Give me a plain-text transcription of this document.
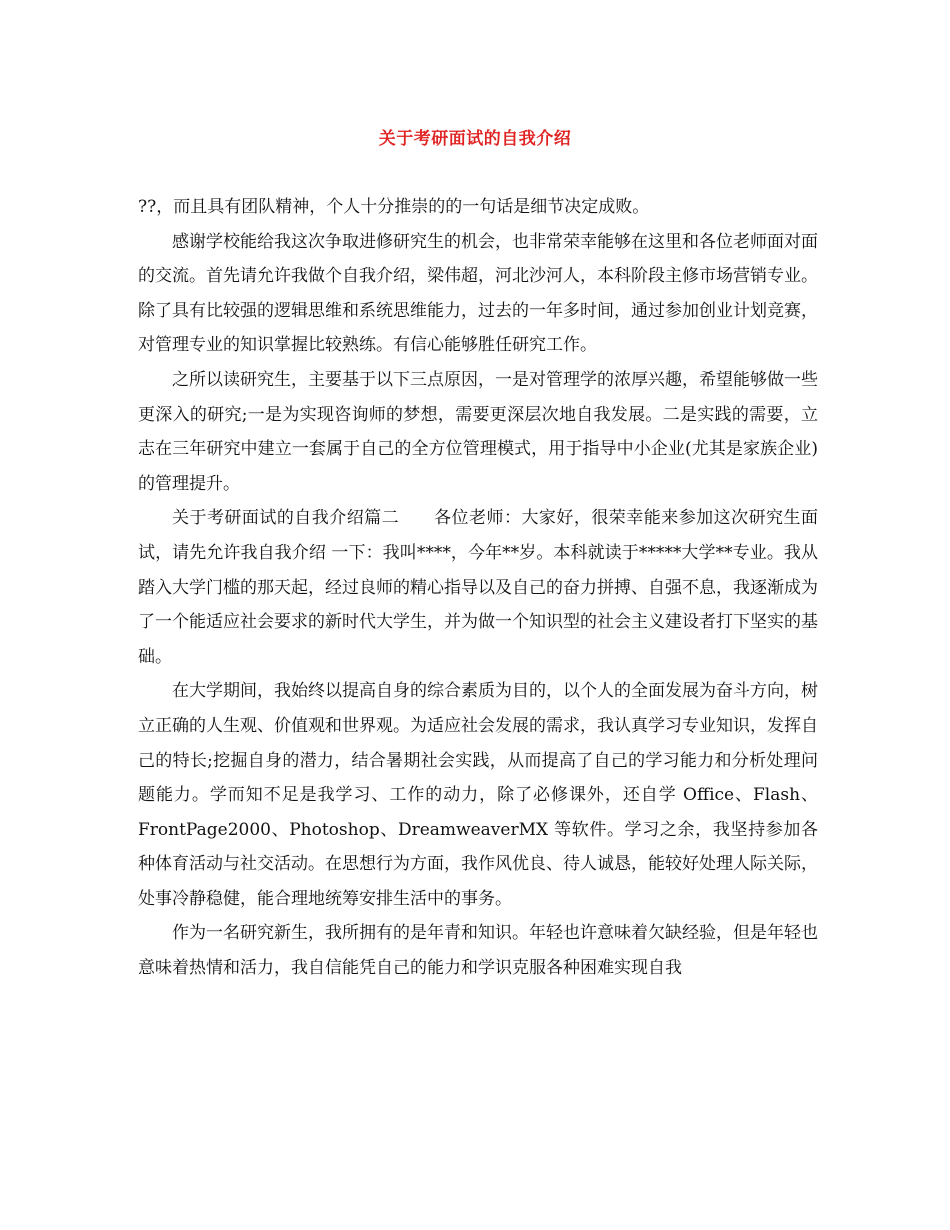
关于考研面试的自我介绍

??，而且具有团队精神，个人十分推崇的的一句话是细节决定成败。

感谢学校能给我这次争取进修研究生的机会，也非常荣幸能够在这里和各位老师面对面的交流。首先请允许我做个自我介绍，梁伟超，河北沙河人，本科阶段主修市场营销专业。除了具有比较强的逻辑思维和系统思维能力，过去的一年多时间，通过参加创业计划竞赛，对管理专业的知识掌握比较熟练。有信心能够胜任研究工作。

之所以读研究生，主要基于以下三点原因，一是对管理学的浓厚兴趣，希望能够做一些更深入的研究;一是为实现咨询师的梦想，需要更深层次地自我发展。二是实践的需要，立志在三年研究中建立一套属于自己的全方位管理模式，用于指导中小企业(尤其是家族企业)的管理提升。

关于考研面试的自我介绍篇二　　各位老师：大家好，很荣幸能来参加这次研究生面试，请先允许我自我介绍 一下：我叫****，今年**岁。本科就读于*****大学**专业。我从踏入大学门槛的那天起，经过良师的精心指导以及自己的奋力拼搏、自强不息，我逐渐成为了一个能适应社会要求的新时代大学生，并为做一个知识型的社会主义建设者打下坚实的基础。

在大学期间，我始终以提高自身的综合素质为目的，以个人的全面发展为奋斗方向，树立正确的人生观、价值观和世界观。为适应社会发展的需求，我认真学习专业知识，发挥自己的特长;挖掘自身的潜力，结合暑期社会实践，从而提高了自己的学习能力和分析处理问题能力。学而知不足是我学习、工作的动力，除了必修课外，还自学 Office、Flash、FrontPage2000、Photoshop、DreamweaverMX 等软件。学习之余，我坚持参加各种体育活动与社交活动。在思想行为方面，我作风优良、待人诚恳，能较好处理人际关际，处事冷静稳健，能合理地统筹安排生活中的事务。

作为一名研究新生，我所拥有的是年青和知识。年轻也许意味着欠缺经验，但是年轻也意味着热情和活力，我自信能凭自己的能力和学识克服各种困难实现自我
